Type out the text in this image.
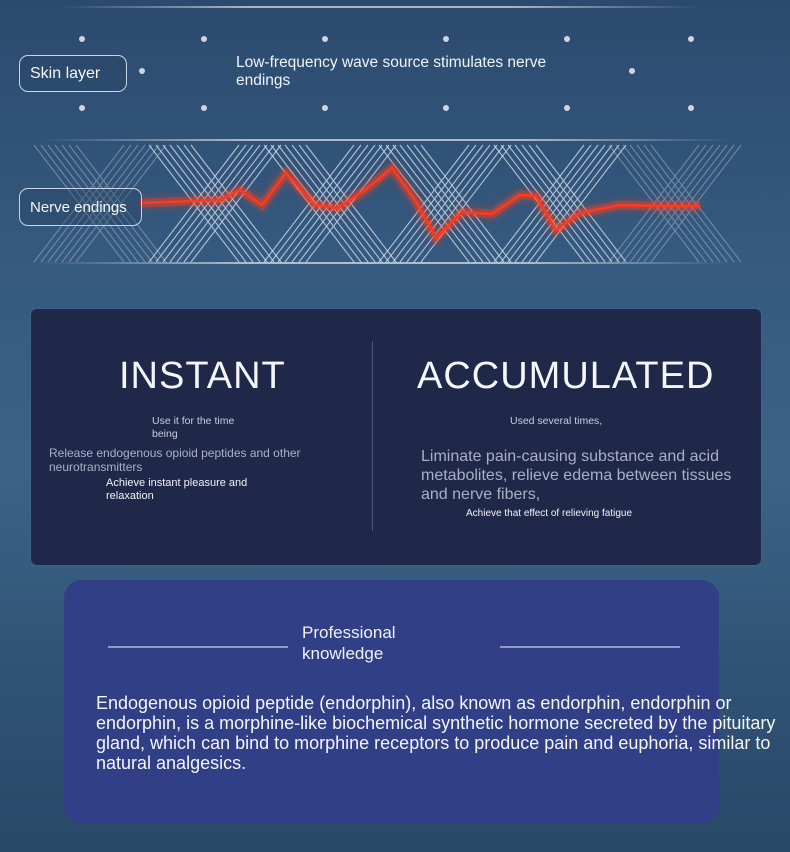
Skin layer
Nerve endings
Low-frequency wave source stimulates nerve endings
INSTANT
Use it for the time being
Release endogenous opioid peptides and other neurotransmitters
Achieve instant pleasure and relaxation
ACCUMULATED
Used several times,
Liminate pain-causing substance and acid metabolites, relieve edema between tissues and nerve fibers,
Achieve that effect of relieving fatigue
Professional knowledge
Endogenous opioid peptide (endorphin), also known as endorphin, endorphin or endorphin, is a morphine-like biochemical synthetic hormone secreted by the pituitary gland, which can bind to morphine receptors to produce pain and euphoria, similar to natural analgesics.
